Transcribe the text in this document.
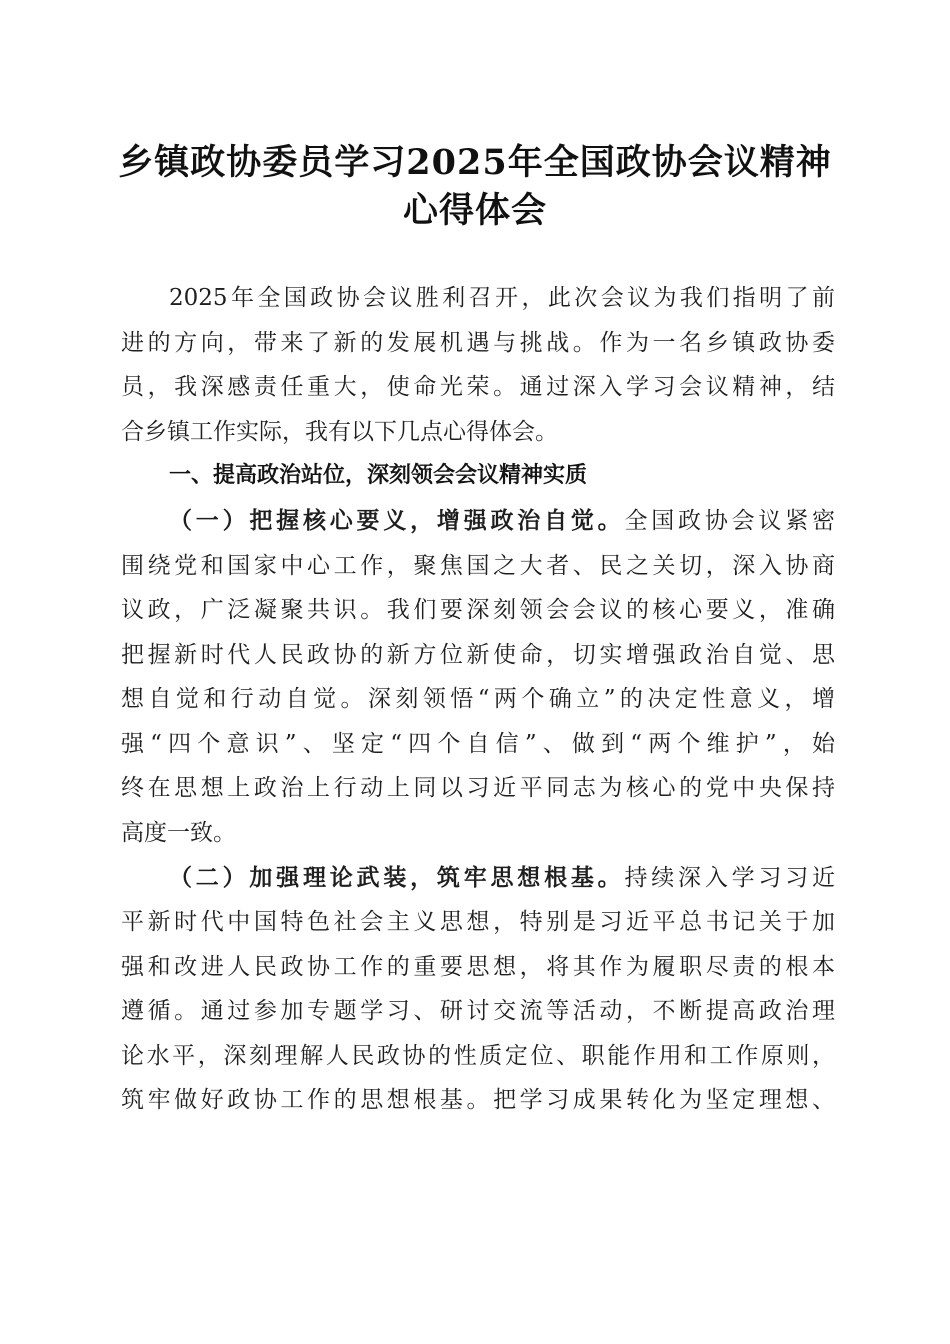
乡镇政协委员学习2025年全国政协会议精神
心得体会
2025年全国政协会议胜利召开，此次会议为我们指明了前
进的方向，带来了新的发展机遇与挑战。作为一名乡镇政协委
员，我深感责任重大，使命光荣。通过深入学习会议精神，结
合乡镇工作实际，我有以下几点心得体会。
一、提高政治站位，深刻领会会议精神实质
（一）把握核心要义，增强政治自觉。全国政协会议紧密
围绕党和国家中心工作，聚焦国之大者、民之关切，深入协商
议政，广泛凝聚共识。我们要深刻领会会议的核心要义，准确
把握新时代人民政协的新方位新使命，切实增强政治自觉、思
想自觉和行动自觉。深刻领悟“两个确立”的决定性意义，增
强“四个意识”、坚定“四个自信”、做到“两个维护”，始
终在思想上政治上行动上同以习近平同志为核心的党中央保持
高度一致。
（二）加强理论武装，筑牢思想根基。持续深入学习习近
平新时代中国特色社会主义思想，特别是习近平总书记关于加
强和改进人民政协工作的重要思想，将其作为履职尽责的根本
遵循。通过参加专题学习、研讨交流等活动，不断提高政治理
论水平，深刻理解人民政协的性质定位、职能作用和工作原则，
筑牢做好政协工作的思想根基。把学习成果转化为坚定理想、
